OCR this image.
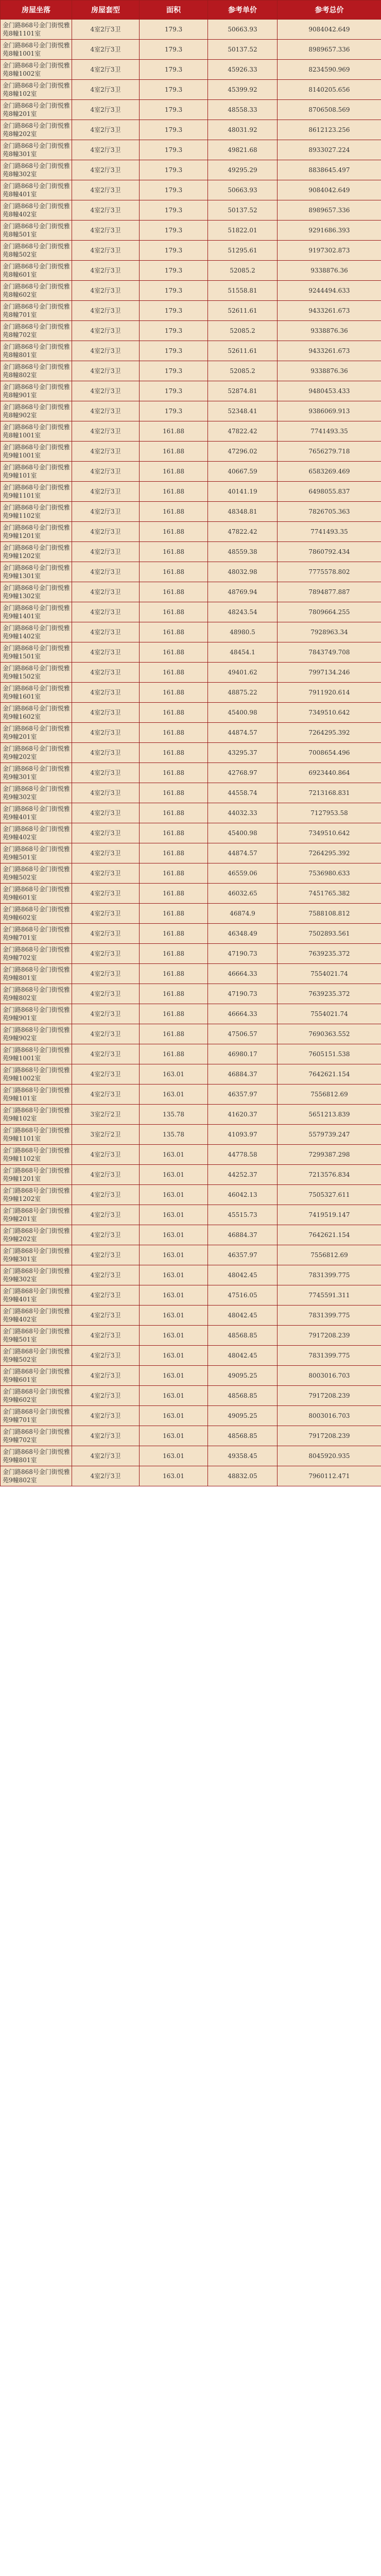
房屋坐落	房屋套型	面积	参考单价	参考总价
金门路868号金门街悦雅苑8幢1101室	4室2厅3卫	179.3	50663.93	9084042.649
金门路868号金门街悦雅苑8幢1001室	4室2厅3卫	179.3	50137.52	8989657.336
金门路868号金门街悦雅苑8幢1002室	4室2厅3卫	179.3	45926.33	8234590.969
金门路868号金门街悦雅苑8幢102室	4室2厅3卫	179.3	45399.92	8140205.656
金门路868号金门街悦雅苑8幢201室	4室2厅3卫	179.3	48558.33	8706508.569
金门路868号金门街悦雅苑8幢202室	4室2厅3卫	179.3	48031.92	8612123.256
金门路868号金门街悦雅苑8幢301室	4室2厅3卫	179.3	49821.68	8933027.224
金门路868号金门街悦雅苑8幢302室	4室2厅3卫	179.3	49295.29	8838645.497
金门路868号金门街悦雅苑8幢401室	4室2厅3卫	179.3	50663.93	9084042.649
金门路868号金门街悦雅苑8幢402室	4室2厅3卫	179.3	50137.52	8989657.336
金门路868号金门街悦雅苑8幢501室	4室2厅3卫	179.3	51822.01	9291686.393
金门路868号金门街悦雅苑8幢502室	4室2厅3卫	179.3	51295.61	9197302.873
金门路868号金门街悦雅苑8幢601室	4室2厅3卫	179.3	52085.2	9338876.36
金门路868号金门街悦雅苑8幢602室	4室2厅3卫	179.3	51558.81	9244494.633
金门路868号金门街悦雅苑8幢701室	4室2厅3卫	179.3	52611.61	9433261.673
金门路868号金门街悦雅苑8幢702室	4室2厅3卫	179.3	52085.2	9338876.36
金门路868号金门街悦雅苑8幢801室	4室2厅3卫	179.3	52611.61	9433261.673
金门路868号金门街悦雅苑8幢802室	4室2厅3卫	179.3	52085.2	9338876.36
金门路868号金门街悦雅苑8幢901室	4室2厅3卫	179.3	52874.81	9480453.433
金门路868号金门街悦雅苑8幢902室	4室2厅3卫	179.3	52348.41	9386069.913
金门路868号金门街悦雅苑8幢1001室	4室2厅3卫	161.88	47822.42	7741493.35
金门路868号金门街悦雅苑9幢1001室	4室2厅3卫	161.88	47296.02	7656279.718
金门路868号金门街悦雅苑9幢101室	4室2厅3卫	161.88	40667.59	6583269.469
金门路868号金门街悦雅苑9幢1101室	4室2厅3卫	161.88	40141.19	6498055.837
金门路868号金门街悦雅苑9幢1102室	4室2厅3卫	161.88	48348.81	7826705.363
金门路868号金门街悦雅苑9幢1201室	4室2厅3卫	161.88	47822.42	7741493.35
金门路868号金门街悦雅苑9幢1202室	4室2厅3卫	161.88	48559.38	7860792.434
金门路868号金门街悦雅苑9幢1301室	4室2厅3卫	161.88	48032.98	7775578.802
金门路868号金门街悦雅苑9幢1302室	4室2厅3卫	161.88	48769.94	7894877.887
金门路868号金门街悦雅苑9幢1401室	4室2厅3卫	161.88	48243.54	7809664.255
金门路868号金门街悦雅苑9幢1402室	4室2厅3卫	161.88	48980.5	7928963.34
金门路868号金门街悦雅苑9幢1501室	4室2厅3卫	161.88	48454.1	7843749.708
金门路868号金门街悦雅苑9幢1502室	4室2厅3卫	161.88	49401.62	7997134.246
金门路868号金门街悦雅苑9幢1601室	4室2厅3卫	161.88	48875.22	7911920.614
金门路868号金门街悦雅苑9幢1602室	4室2厅3卫	161.88	45400.98	7349510.642
金门路868号金门街悦雅苑9幢201室	4室2厅3卫	161.88	44874.57	7264295.392
金门路868号金门街悦雅苑9幢202室	4室2厅3卫	161.88	43295.37	7008654.496
金门路868号金门街悦雅苑9幢301室	4室2厅3卫	161.88	42768.97	6923440.864
金门路868号金门街悦雅苑9幢302室	4室2厅3卫	161.88	44558.74	7213168.831
金门路868号金门街悦雅苑9幢401室	4室2厅3卫	161.88	44032.33	7127953.58
金门路868号金门街悦雅苑9幢402室	4室2厅3卫	161.88	45400.98	7349510.642
金门路868号金门街悦雅苑9幢501室	4室2厅3卫	161.88	44874.57	7264295.392
金门路868号金门街悦雅苑9幢502室	4室2厅3卫	161.88	46559.06	7536980.633
金门路868号金门街悦雅苑9幢601室	4室2厅3卫	161.88	46032.65	7451765.382
金门路868号金门街悦雅苑9幢602室	4室2厅3卫	161.88	46874.9	7588108.812
金门路868号金门街悦雅苑9幢701室	4室2厅3卫	161.88	46348.49	7502893.561
金门路868号金门街悦雅苑9幢702室	4室2厅3卫	161.88	47190.73	7639235.372
金门路868号金门街悦雅苑9幢801室	4室2厅3卫	161.88	46664.33	7554021.74
金门路868号金门街悦雅苑9幢802室	4室2厅3卫	161.88	47190.73	7639235.372
金门路868号金门街悦雅苑9幢901室	4室2厅3卫	161.88	46664.33	7554021.74
金门路868号金门街悦雅苑9幢902室	4室2厅3卫	161.88	47506.57	7690363.552
金门路868号金门街悦雅苑9幢1001室	4室2厅3卫	161.88	46980.17	7605151.538
金门路868号金门街悦雅苑9幢1002室	4室2厅3卫	163.01	46884.37	7642621.154
金门路868号金门街悦雅苑9幢101室	4室2厅3卫	163.01	46357.97	7556812.69
金门路868号金门街悦雅苑9幢102室	3室2厅2卫	135.78	41620.37	5651213.839
金门路868号金门街悦雅苑9幢1101室	3室2厅2卫	135.78	41093.97	5579739.247
金门路868号金门街悦雅苑9幢1102室	4室2厅3卫	163.01	44778.58	7299387.298
金门路868号金门街悦雅苑9幢1201室	4室2厅3卫	163.01	44252.37	7213576.834
金门路868号金门街悦雅苑9幢1202室	4室2厅3卫	163.01	46042.13	7505327.611
金门路868号金门街悦雅苑9幢201室	4室2厅3卫	163.01	45515.73	7419519.147
金门路868号金门街悦雅苑9幢202室	4室2厅3卫	163.01	46884.37	7642621.154
金门路868号金门街悦雅苑9幢301室	4室2厅3卫	163.01	46357.97	7556812.69
金门路868号金门街悦雅苑9幢302室	4室2厅3卫	163.01	48042.45	7831399.775
金门路868号金门街悦雅苑9幢401室	4室2厅3卫	163.01	47516.05	7745591.311
金门路868号金门街悦雅苑9幢402室	4室2厅3卫	163.01	48042.45	7831399.775
金门路868号金门街悦雅苑9幢501室	4室2厅3卫	163.01	48568.85	7917208.239
金门路868号金门街悦雅苑9幢502室	4室2厅3卫	163.01	48042.45	7831399.775
金门路868号金门街悦雅苑9幢601室	4室2厅3卫	163.01	49095.25	8003016.703
金门路868号金门街悦雅苑9幢602室	4室2厅3卫	163.01	48568.85	7917208.239
金门路868号金门街悦雅苑9幢701室	4室2厅3卫	163.01	49095.25	8003016.703
金门路868号金门街悦雅苑9幢702室	4室2厅3卫	163.01	48568.85	7917208.239
金门路868号金门街悦雅苑9幢801室	4室2厅3卫	163.01	49358.45	8045920.935
金门路868号金门街悦雅苑9幢802室	4室2厅3卫	163.01	48832.05	7960112.471
